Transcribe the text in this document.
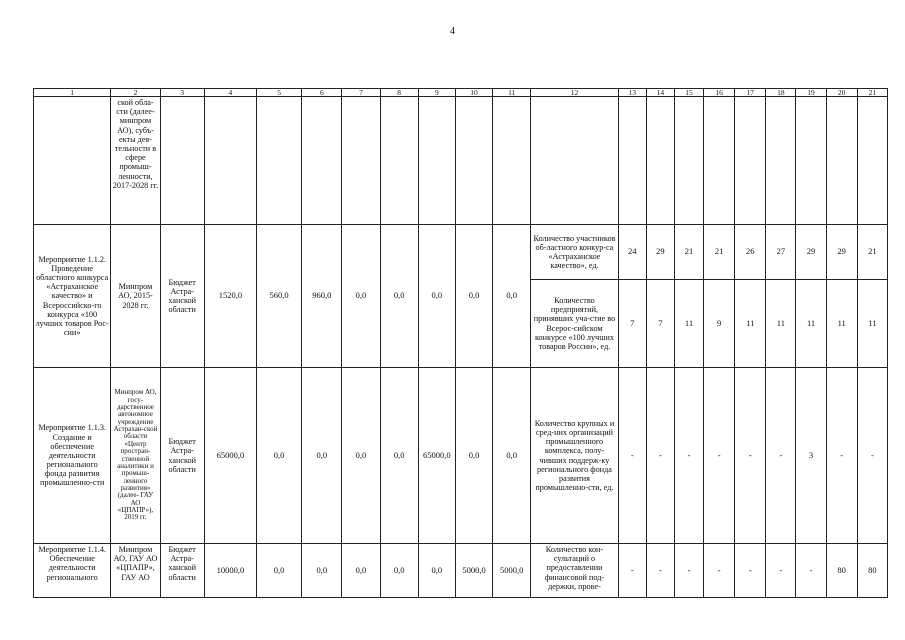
4
1	2	3	4	5	6	7	8	9	10	11	12	13	14	15	16	17	18	19	20	21
	ской обла-сти (далее-минпром АО), субъ-екты дея-тельности в сфере промыш-ленности, 2017-2028 гг.																			
Мероприятие 1.1.2. Проведение областного конкурса «Астраханское качество» и Всероссийско-го конкурса «100 лучших товаров Рос-сии»	Минпром АО, 2015-2028 гг.	Бюджет Астра-ханской области	1520,0	560,0	960,0	0,0	0,0	0,0	0,0	0,0	Количество участников об-ластного конкур-са «Астраханское качество», ед.	24	29	21	21	26	27	29	29	21
											Количество предприятий, принявших уча-стие во Всерос-сийском конкурсе «100 лучших товаров России», ед.	7	7	11	9	11	11	11	11	11
Мероприятие 1.1.3. Создание и обеспечение деятельности регионального фонда развития промышленно-сти	Минпром АО, госу-дарственное автономное учреждение Астрахан-ской области «Центр простран-ственной аналитики и промыш-ленного развития» (далее- ГАУ АО «ЦПАПР»), 2019 гг.	Бюджет Астра-ханской области	65000,0	0,0	0,0	0,0	0,0	65000,0	0,0	0,0	Количество крупных и сред-них организаций промышленного комплекса, полу-чивших поддерж-ку регионального фонда развития промышленно-сти, ед.	-	-	-	-	-	-	3	-	-
Мероприятие 1.1.4. Обеспечение деятельности регионального	Минпром АО, ГАУ АО «ЦПАПР», ГАУ АО	Бюджет Астра-ханской области	10000,0	0,0	0,0	0,0	0,0	0,0	5000,0	5000,0	Количество кон-сультаций о предоставлении финансовой под-держки, прове-	-	-	-	-	-	-	-	80	80
